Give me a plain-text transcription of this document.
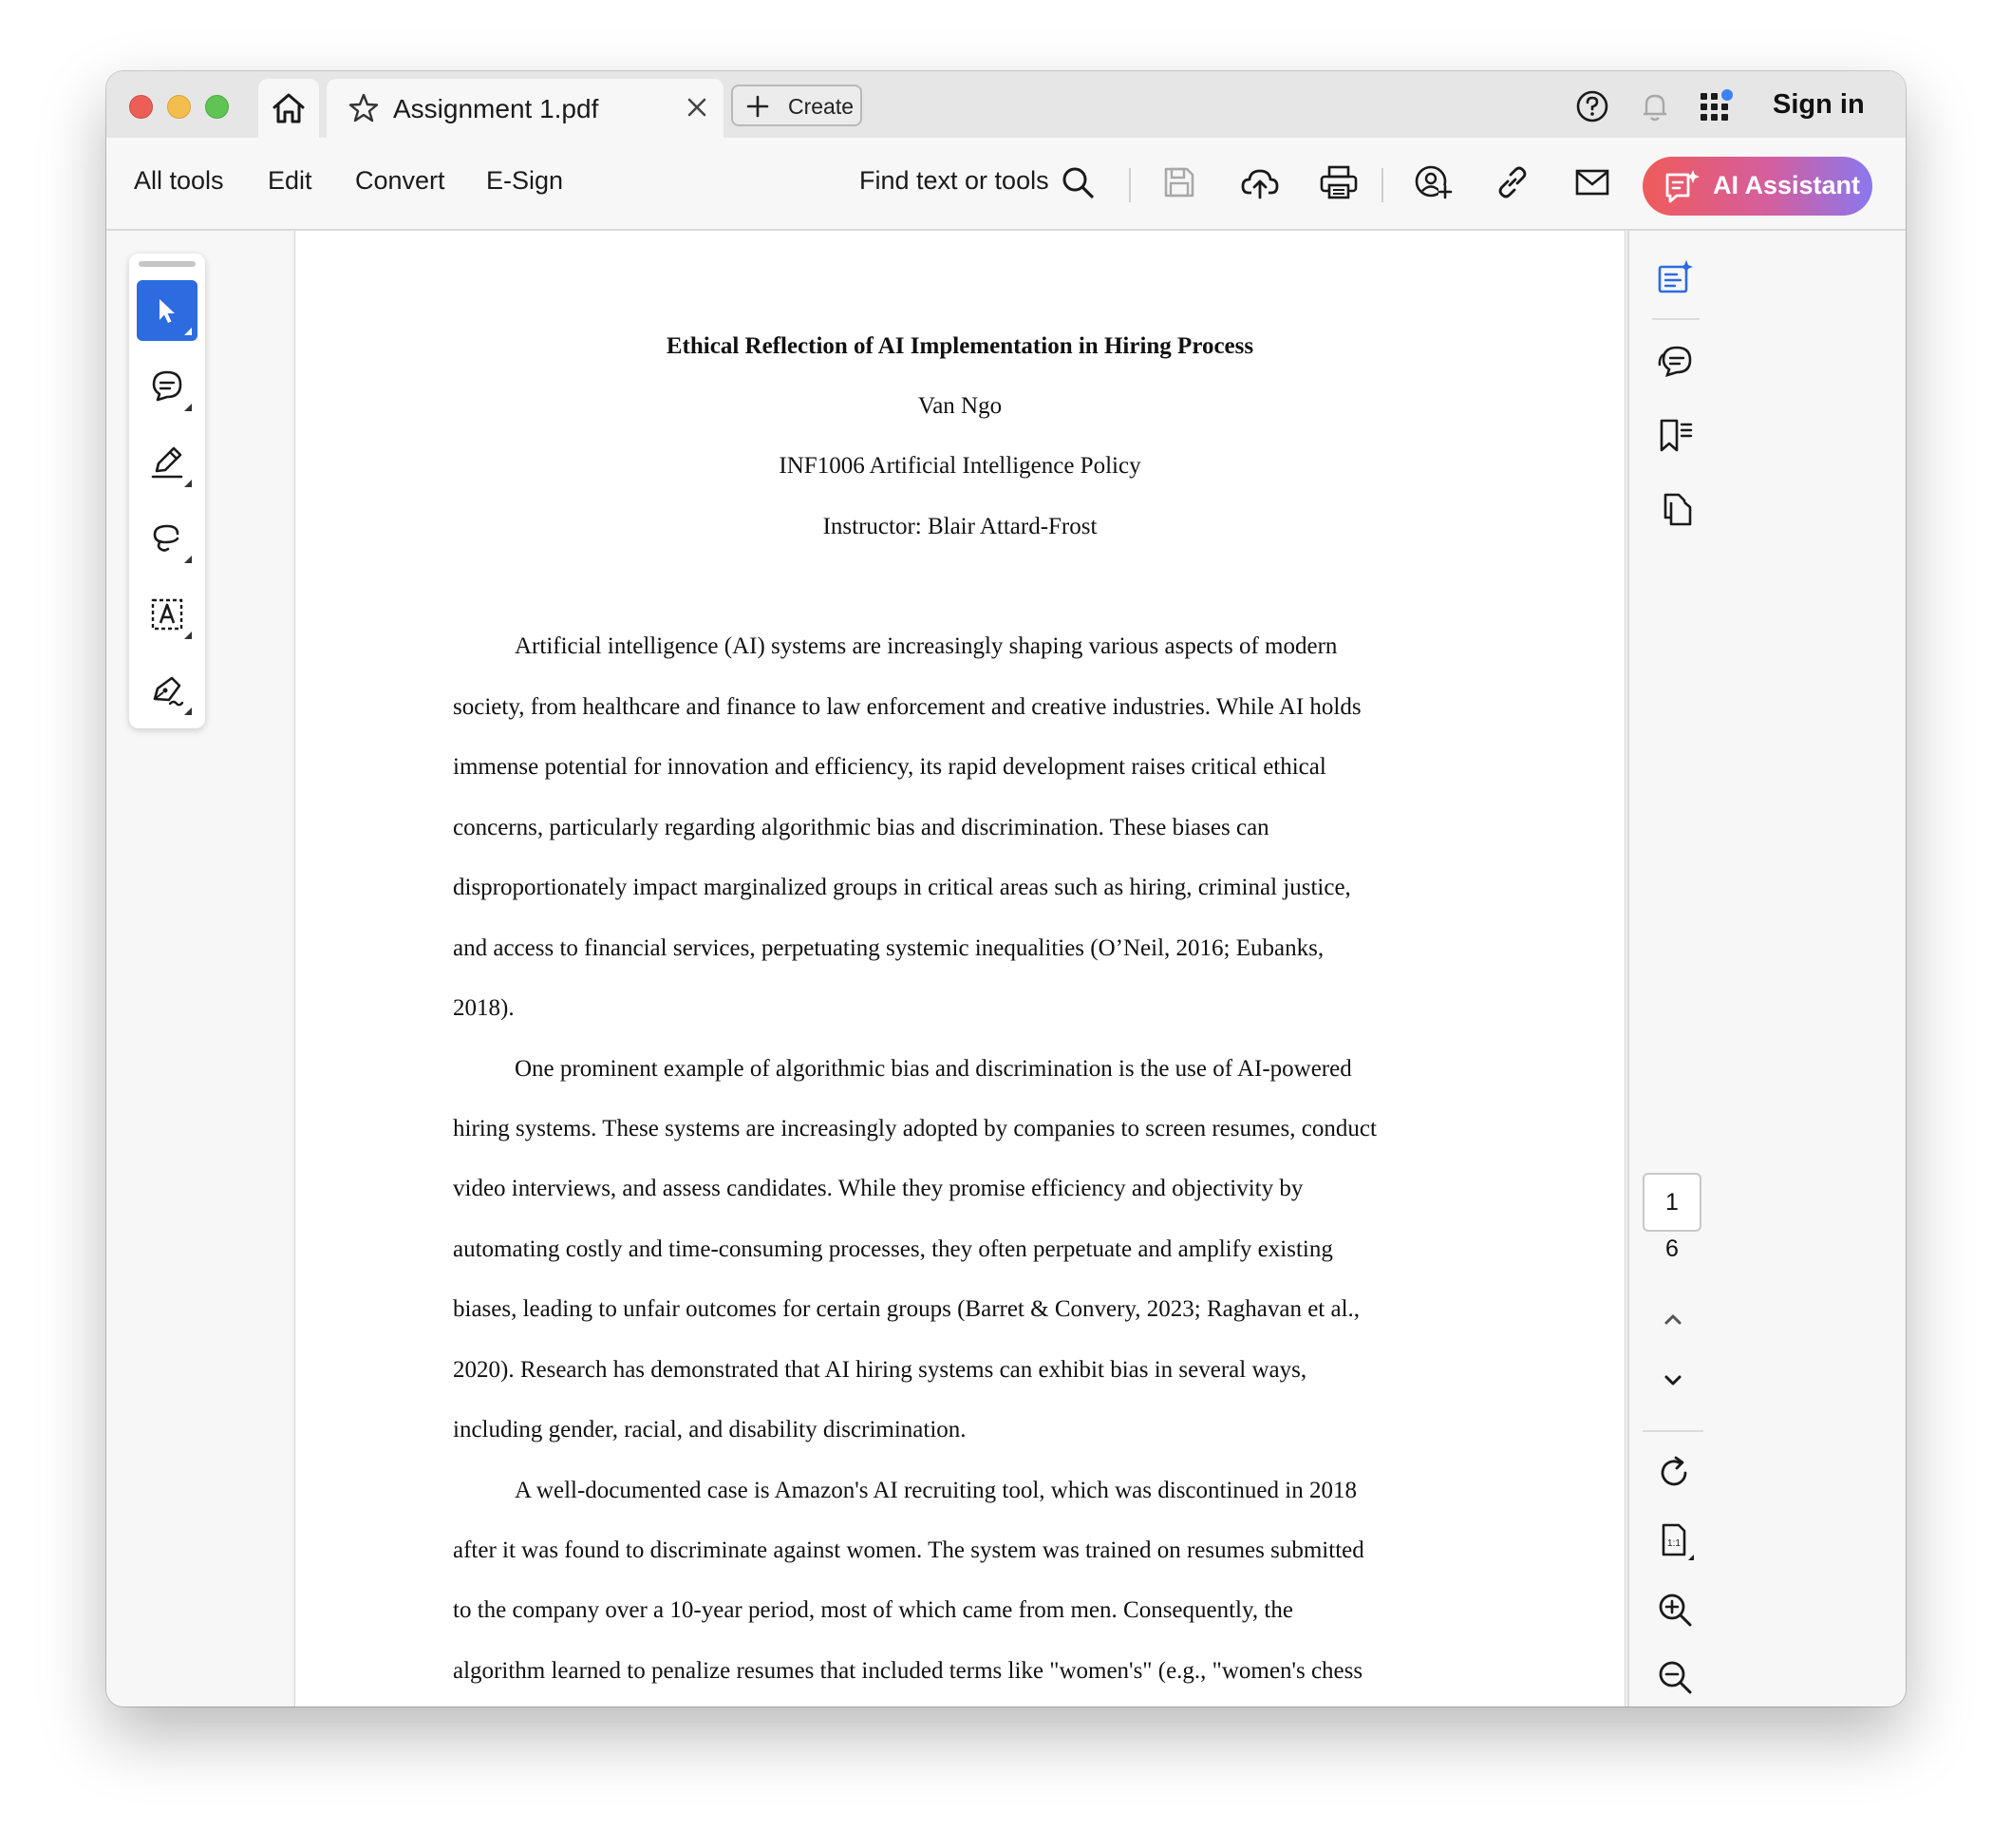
Assignment 1.pdf	Create	Sign in
All tools Edit Convert E-Sign	Find text or tools	AI Assistant
Ethical Reflection of AI Implementation in Hiring Process
Van Ngo
INF1006 Artificial Intelligence Policy
Instructor: Blair Attard-Frost
Artificial intelligence (AI) systems are increasingly shaping various aspects of modern
society, from healthcare and finance to law enforcement and creative industries. While AI holds
immense potential for innovation and efficiency, its rapid development raises critical ethical
concerns, particularly regarding algorithmic bias and discrimination. These biases can
disproportionately impact marginalized groups in critical areas such as hiring, criminal justice,
and access to financial services, perpetuating systemic inequalities (O’Neil, 2016; Eubanks,
2018).
One prominent example of algorithmic bias and discrimination is the use of AI-powered
hiring systems. These systems are increasingly adopted by companies to screen resumes, conduct
video interviews, and assess candidates. While they promise efficiency and objectivity by
automating costly and time-consuming processes, they often perpetuate and amplify existing
biases, leading to unfair outcomes for certain groups (Barret & Convery, 2023; Raghavan et al.,
2020). Research has demonstrated that AI hiring systems can exhibit bias in several ways,
including gender, racial, and disability discrimination.
A well-documented case is Amazon's AI recruiting tool, which was discontinued in 2018
after it was found to discriminate against women. The system was trained on resumes submitted
to the company over a 10-year period, most of which came from men. Consequently, the
algorithm learned to penalize resumes that included terms like "women's" (e.g., "women's chess
1
6
1:1
